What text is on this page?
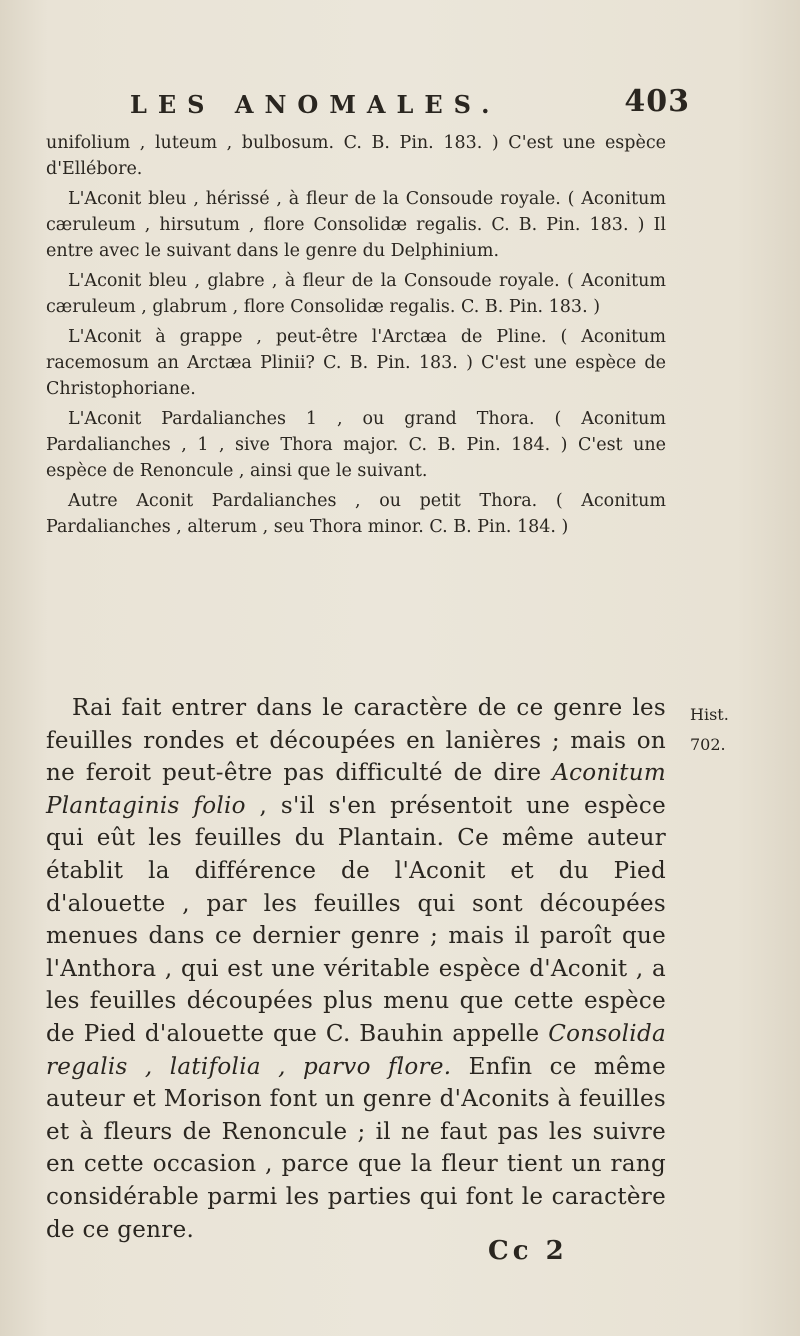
LES ANOMALES.	403

unifolium , luteum , bulbosum. C. B. Pin. 183. ) C'est une espèce d'Ellébore.

L'Aconit bleu , hérissé , à fleur de la Consoude royale. ( Aconitum cæruleum , hirsutum , flore Consolidæ regalis. C. B. Pin. 183. ) Il entre avec le suivant dans le genre du Delphinium.

L'Aconit bleu , glabre , à fleur de la Consoude royale. ( Aconitum cæruleum , glabrum , flore Consolidæ regalis. C. B. Pin. 183. )

L'Aconit à grappe , peut-être l'Arctæa de Pline. ( Aconitum racemosum an Arctæa Plinii? C. B. Pin. 183. ) C'est une espèce de Christophoriane.

L'Aconit Pardalianches 1 , ou grand Thora. ( Aconitum Pardalianches , 1 , sive Thora major. C. B. Pin. 184. ) C'est une espèce de Renoncule , ainsi que le suivant.

Autre Aconit Pardalianches , ou petit Thora. ( Aconitum Pardalianches , alterum , seu Thora minor. C. B. Pin. 184. )

Rai fait entrer dans le caractère de ce genre les feuilles rondes et découpées en lanières ; mais on ne feroit peut-être pas difficulté de dire Aconitum Plantaginis folio , s'il s'en présentoit une espèce qui eût les feuilles du Plantain. Ce même auteur établit la différence de l'Aconit et du Pied d'alouette , par les feuilles qui sont découpées menues dans ce dernier genre ; mais il paroît que l'Anthora , qui est une véritable espèce d'Aconit , a les feuilles découpées plus menu que cette espèce de Pied d'alouette que C. Bauhin appelle Consolida regalis , latifolia , parvo flore. Enfin ce même auteur et Morison font un genre d'Aconits à feuilles et à fleurs de Renoncule ; il ne faut pas les suivre en cette occasion , parce que la fleur tient un rang considérable parmi les parties qui font le caractère de ce genre.

Hist.
702.
Cc 2
